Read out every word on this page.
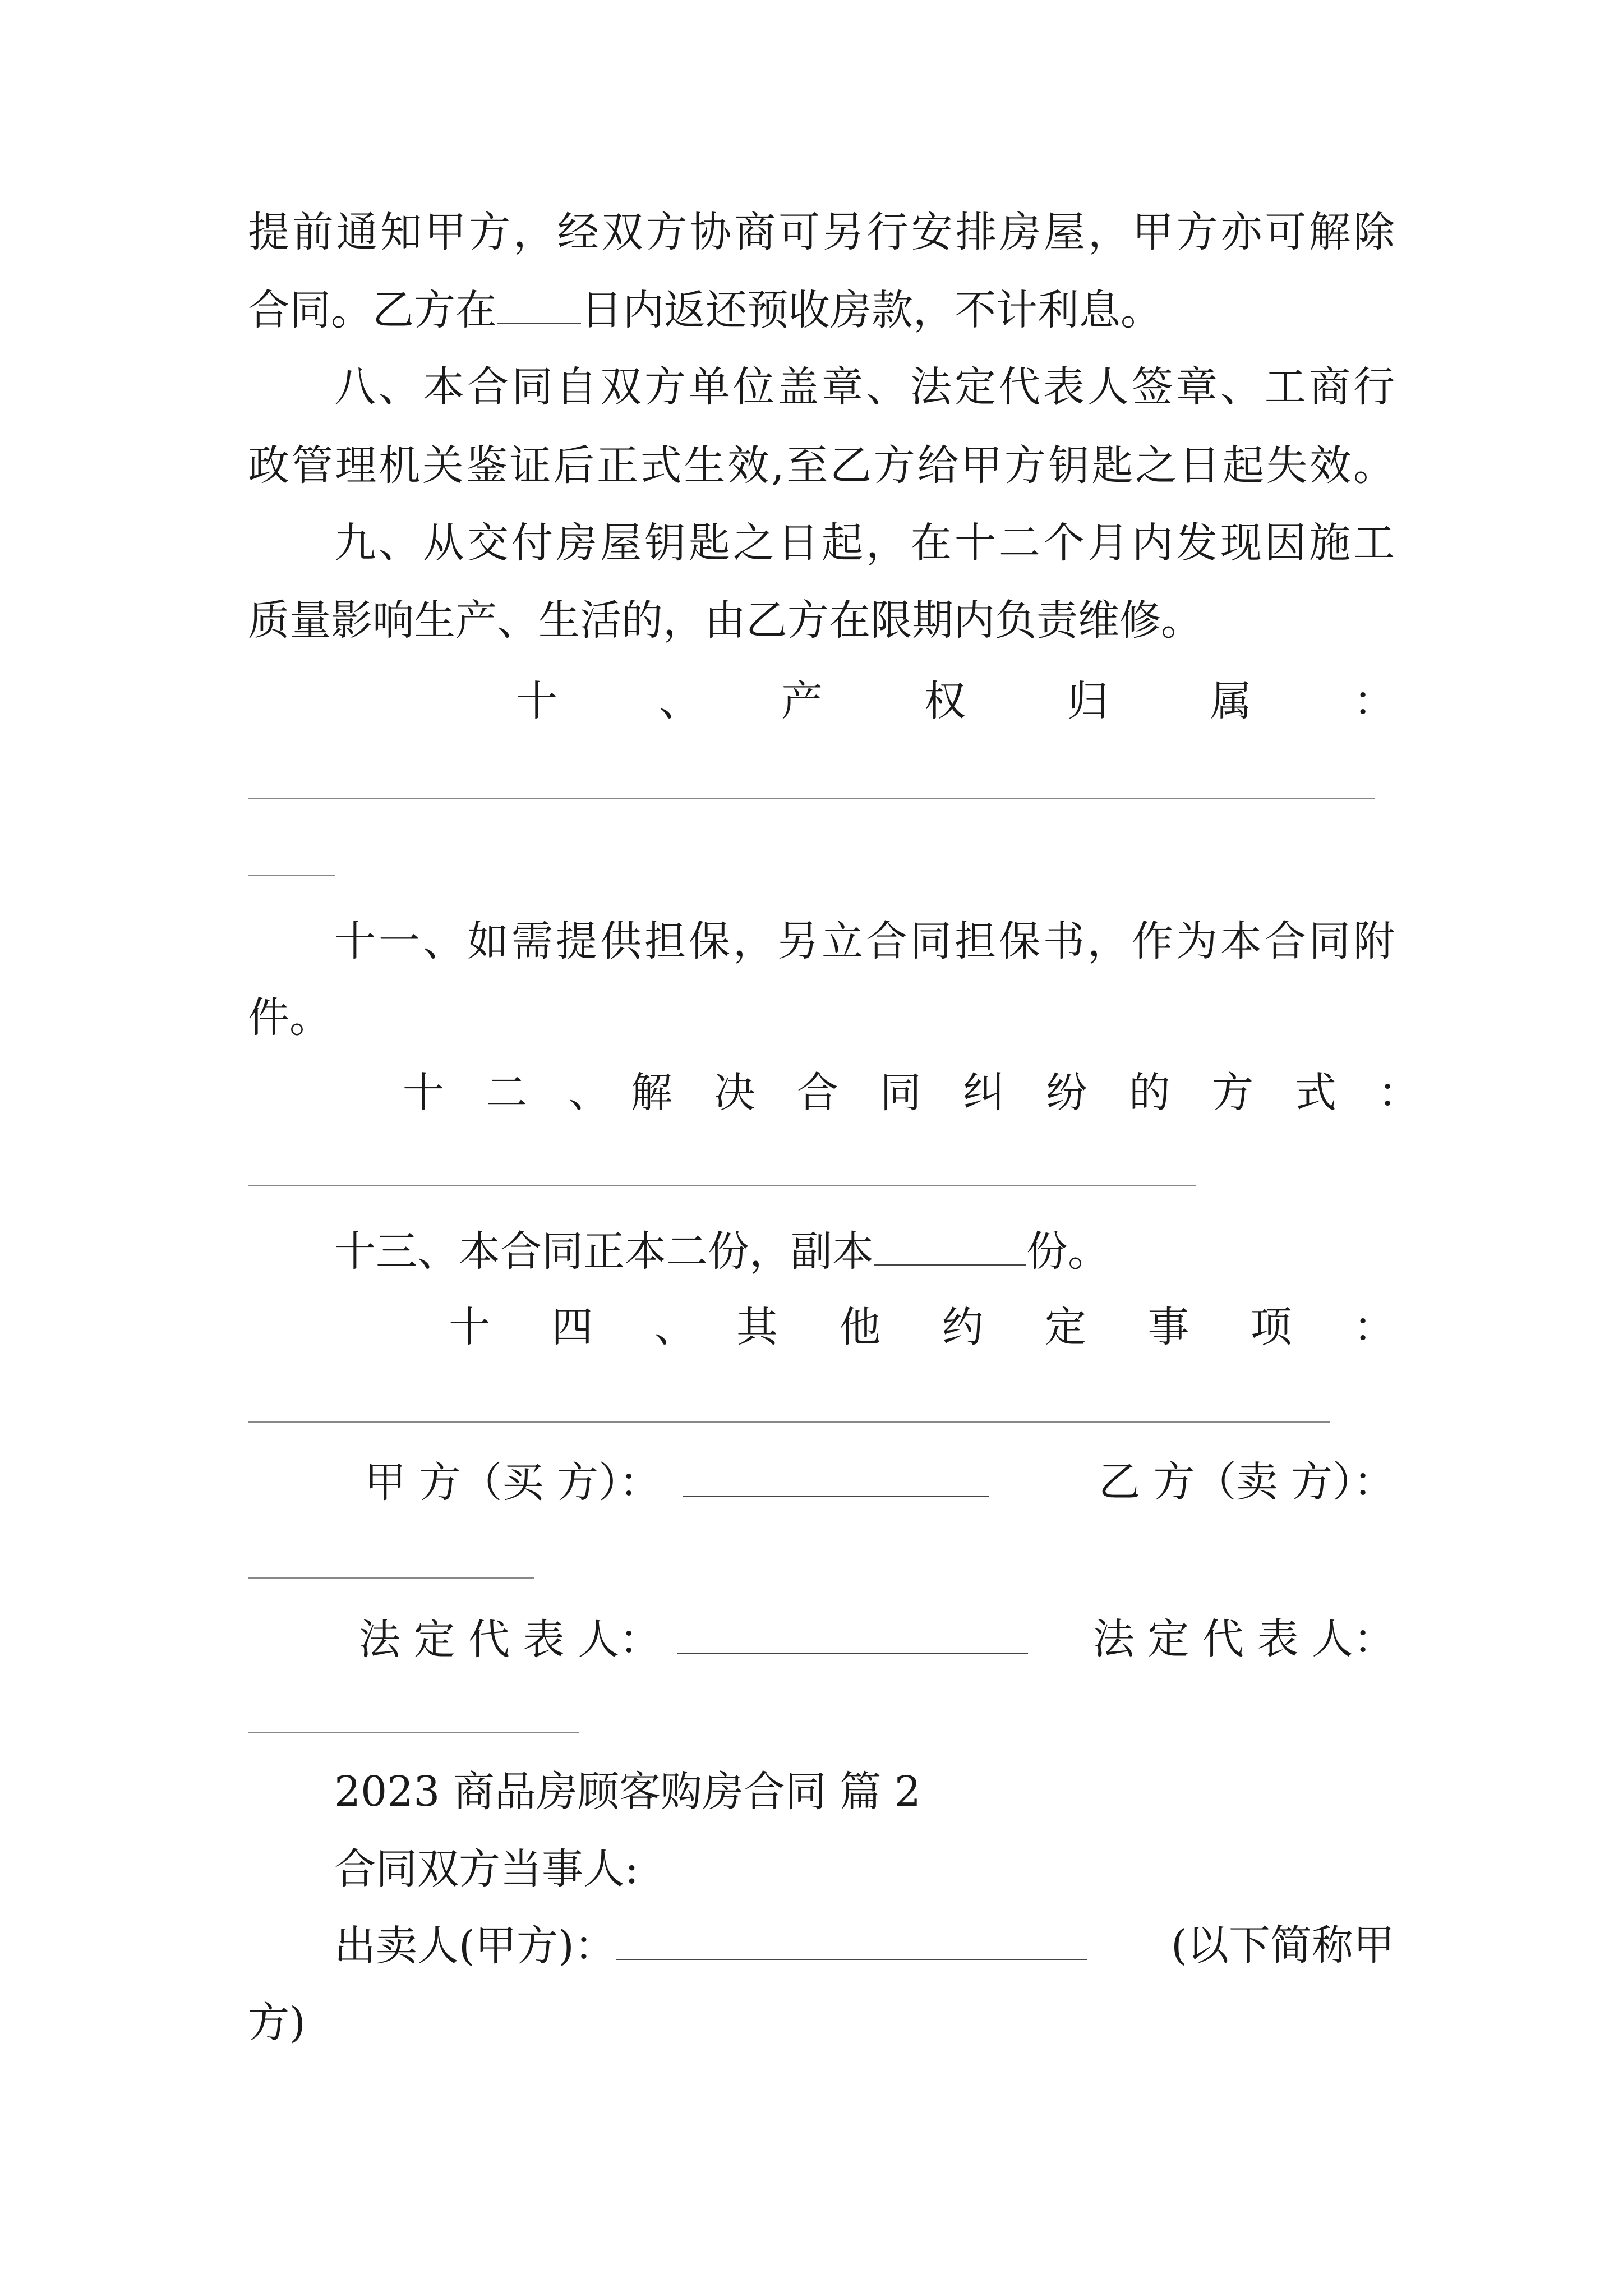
提前通知甲方，经双方协商可另行安排房屋，甲方亦可解除
合同。乙方在 日内返还预收房款，不计利息。
八、本合同自双方单位盖章、法定代表人签章、工商行
政管理机关鉴证后正式生效,至乙方给甲方钥匙之日起失效。
九、从交付房屋钥匙之日起，在十二个月内发现因施工
质量影响生产、生活的，由乙方在限期内负责维修。
十　、　产　权　归　属　：
十一、如需提供担保，另立合同担保书，作为本合同附
件。
十　二　、　解　决　合　同　纠　纷　的　方　式　：
十三、本合同正本二份，副本	份。
十　四　、　其　他　约　定　事　项　：
甲 方（买 方）：	乙 方（卖 方）：
法 定 代 表 人：	法 定 代 表 人：
2023 商品房顾客购房合同 篇 2
合同双方当事人:
出卖人(甲方)：	(以下简称甲
方)
